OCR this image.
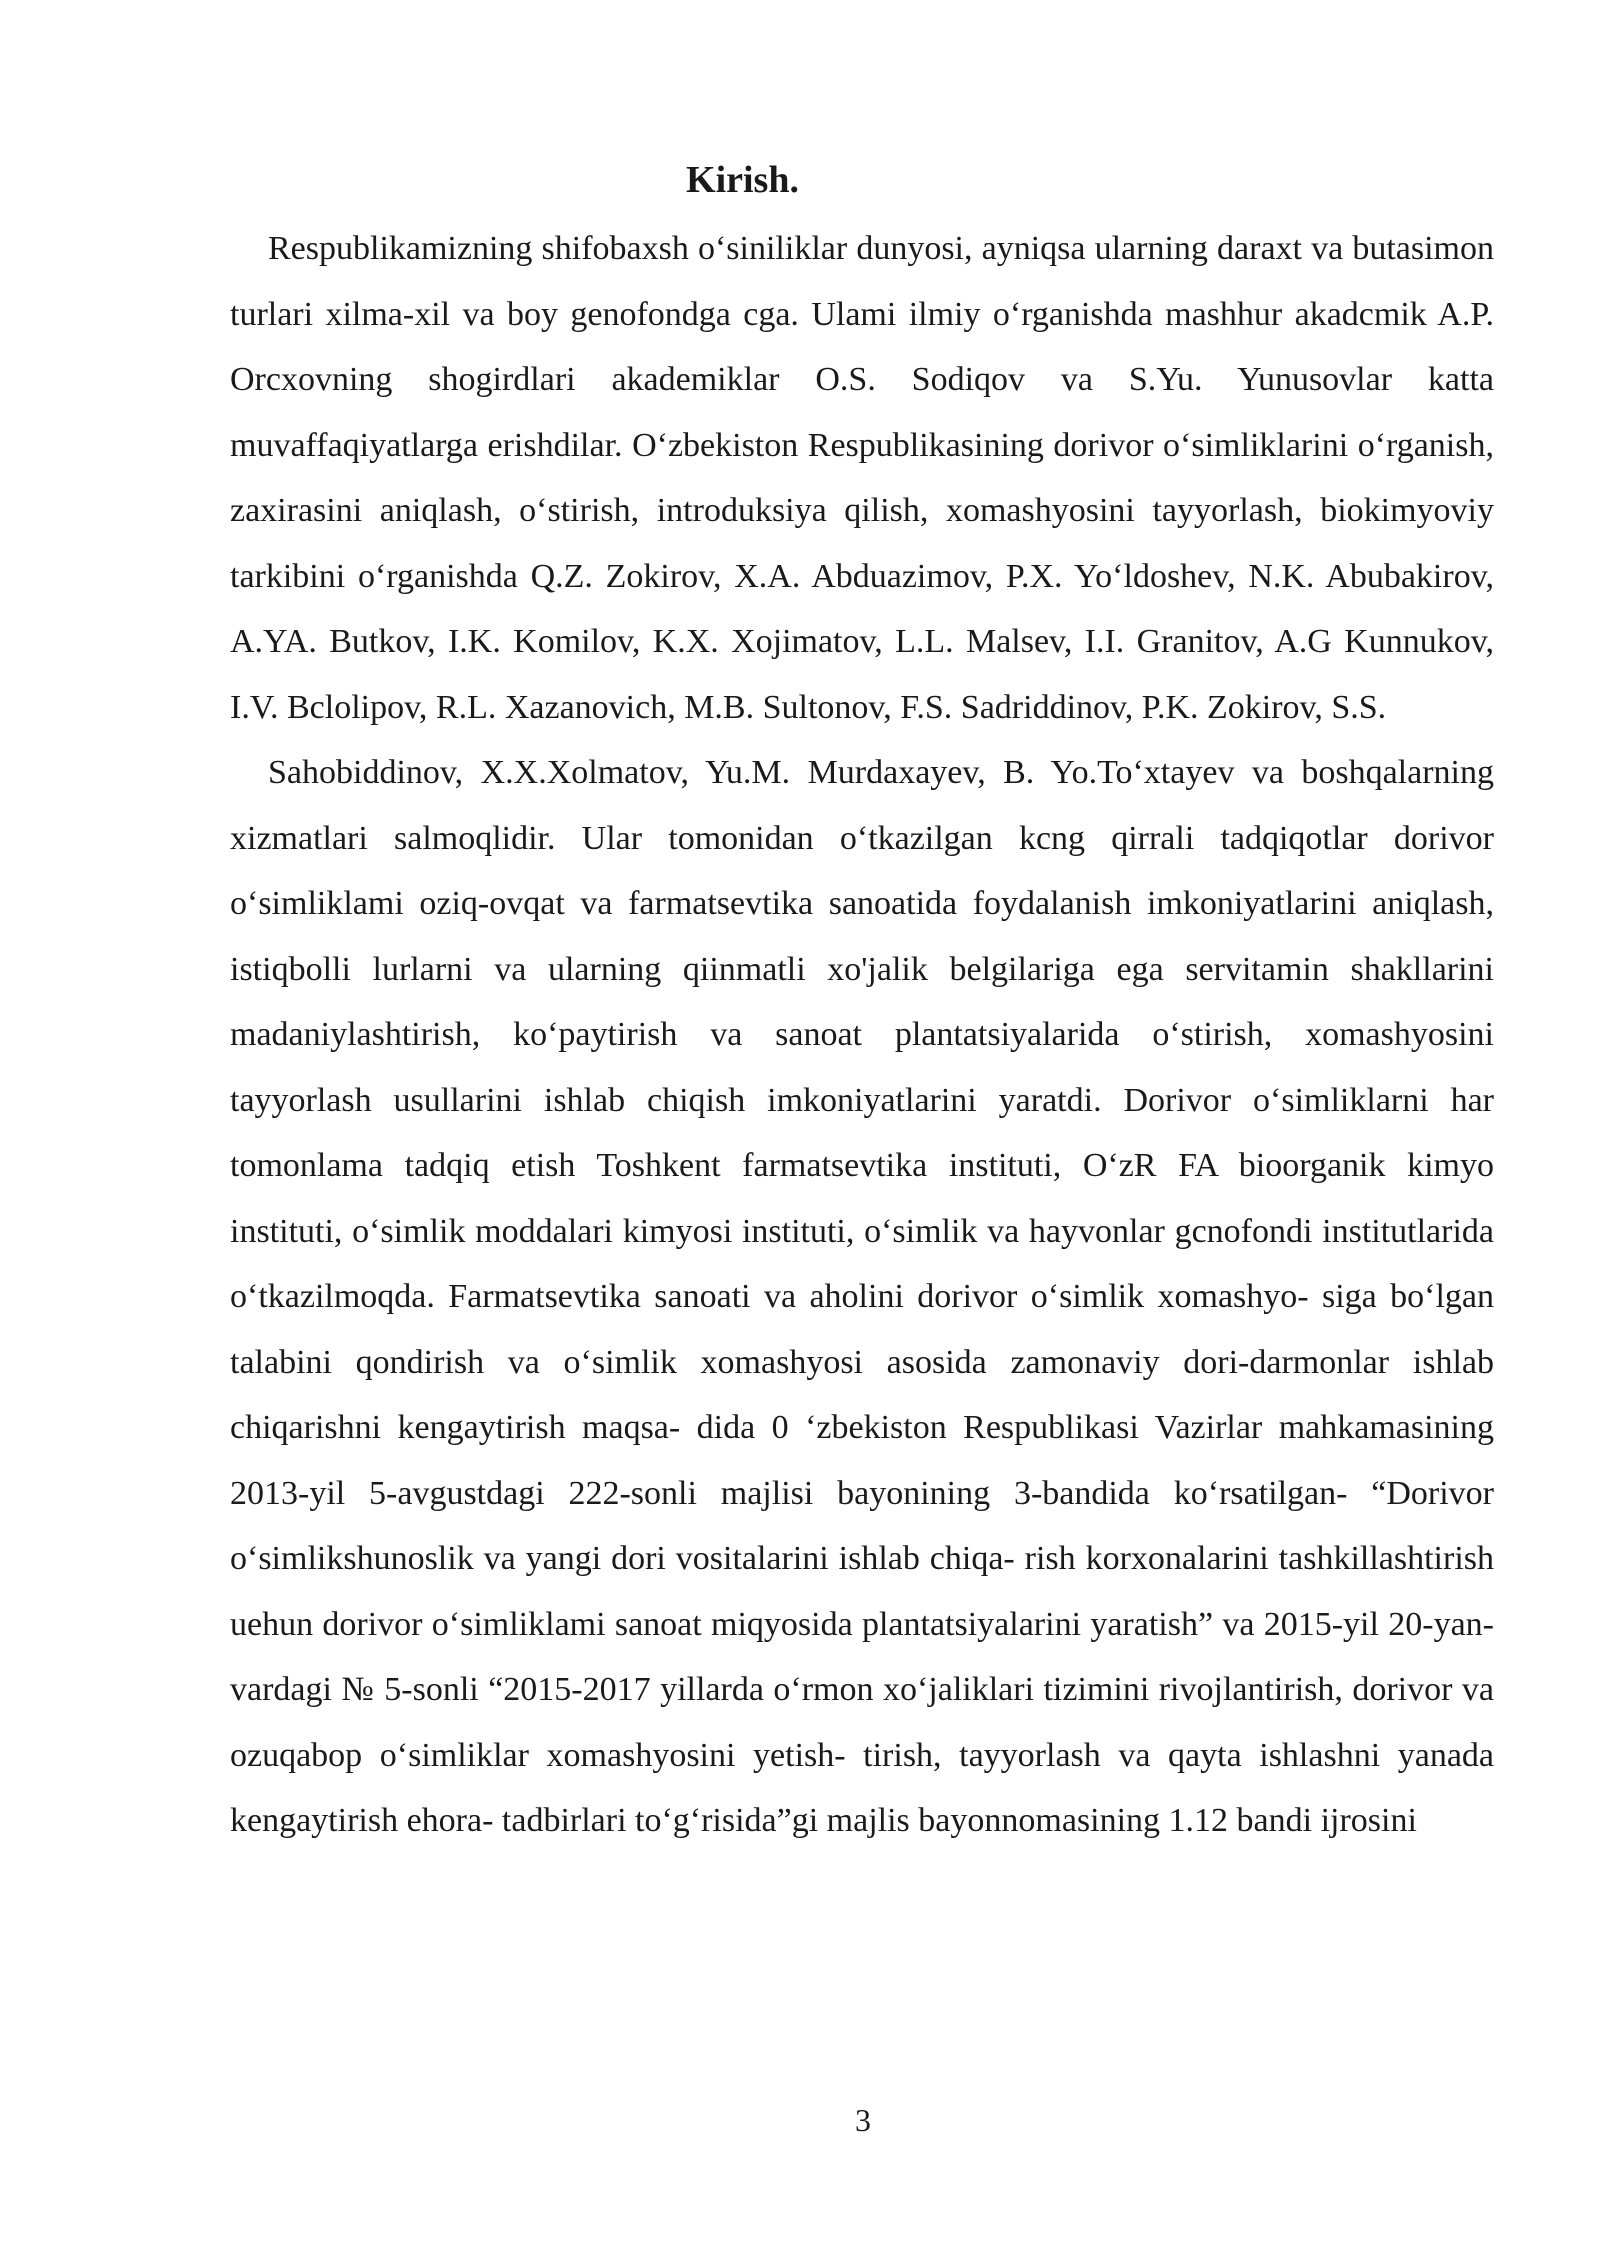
Kirish.

Respublikamizning shifobaxsh o‘siniliklar dunyosi, ayniqsa ularning daraxt va butasimon turlari xilma-xil va boy genofondga cga. Ulami ilmiy o‘rganishda mashhur akadcmik A.P. Orcxovning shogirdlari akademiklar O.S. Sodiqov va S.Yu. Yunusovlar katta muvaffaqiyatlarga erishdilar. O‘zbekiston Respublikasining dorivor o‘simliklarini o‘rganish, zaxirasini aniqlash, o‘stirish, introduksiya qilish, xomashyosini tayyorlash, biokimyoviy tarkibini o‘rganishda Q.Z. Zokirov, X.A. Abduazimov, P.X. Yo‘ldoshev, N.K. Abubakirov, A.YA. Butkov, I.K. Komilov, K.X. Xojimatov, L.L. Malsev, I.I. Granitov, A.G Kunnukov, I.V. Bclolipov, R.L. Xazanovich, M.B. Sultonov, F.S. Sadriddinov, P.K. Zokirov, S.S.

Sahobiddinov, X.X.Xolmatov, Yu.M. Murdaxayev, B. Yo.To‘xtayev va boshqalarning xizmatlari salmoqlidir. Ular tomonidan o‘tkazilgan kcng qirrali tadqiqotlar dorivor o‘simliklami oziq-ovqat va farmatsevtika sanoatida foydalanish imkoniyatlarini aniqlash, istiqbolli lurlarni va ularning qiinmatli xo'jalik belgilariga ega servitamin shakllarini madaniylashtirish, ko‘paytirish va sanoat plantatsiyalarida o‘stirish, xomashyosini tayyorlash usullarini ishlab chiqish imkoniyatlarini yaratdi. Dorivor o‘simliklarni har tomonlama tadqiq etish Toshkent farmatsevtika instituti, O‘zR FA bioorganik kimyo instituti, o‘simlik moddalari kimyosi instituti, o‘simlik va hayvonlar gcnofondi institutlarida o‘tkazilmoqda. Farmatsevtika sanoati va aholini dorivor o‘simlik xomashyo- siga bo‘lgan talabini qondirish va o‘simlik xomashyosi asosida zamonaviy dori-darmonlar ishlab chiqarishni kengaytirish maqsa- dida 0 ‘zbekiston Respublikasi Vazirlar mahkamasining 2013-yil 5-avgustdagi 222-sonli majlisi bayonining 3-bandida ko‘rsatilgan- “Dorivor o‘simlikshunoslik va yangi dori vositalarini ishlab chiqa- rish korxonalarini tashkillashtirish uehun dorivor o‘simliklami sanoat miqyosida plantatsiyalarini yaratish” va 2015-yil 20-yan- vardagi № 5-sonli “2015-2017 yillarda o‘rmon xo‘jaliklari tizimini rivojlantirish, dorivor va ozuqabop o‘simliklar xomashyosini yetish- tirish, tayyorlash va qayta ishlashni yanada kengaytirish ehora- tadbirlari to‘g‘risida”gi majlis bayonnomasining 1.12 bandi ijrosini

3
